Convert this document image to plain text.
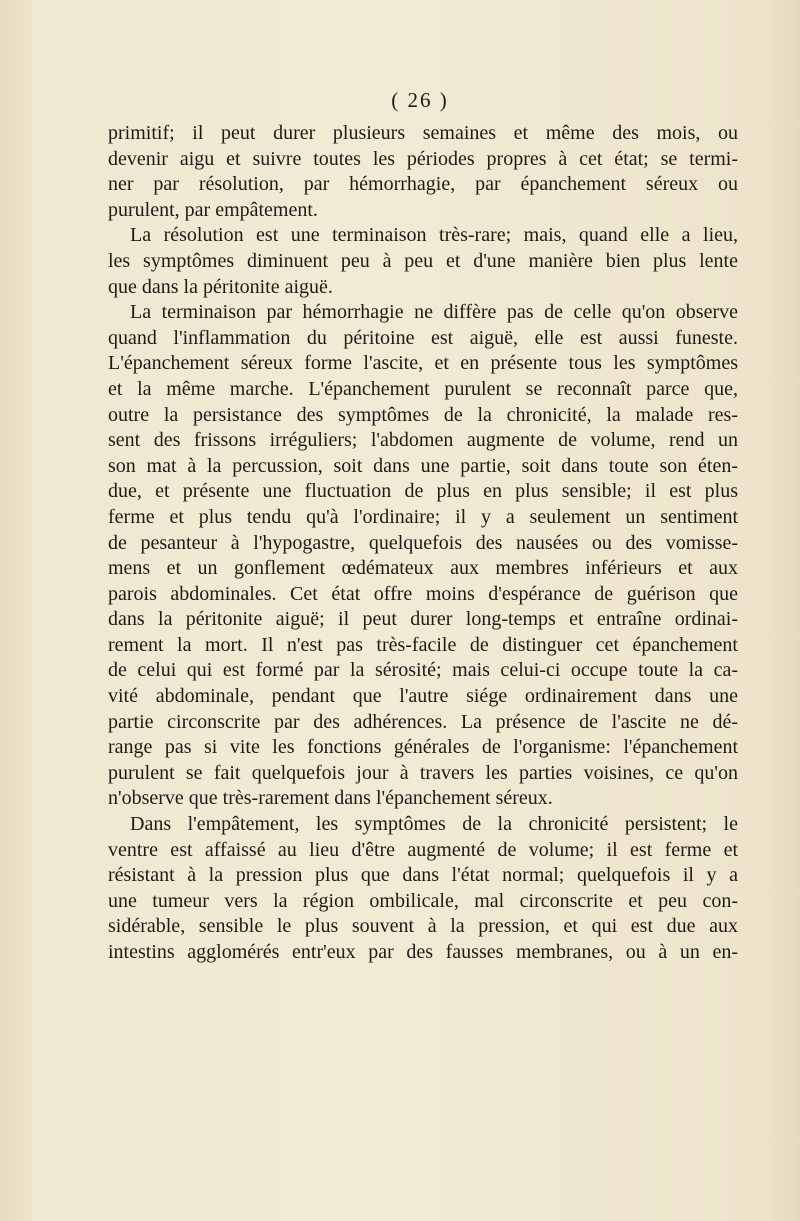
( 26 )

primitif; il peut durer plusieurs semaines et même des mois, ou
devenir aigu et suivre toutes les périodes propres à cet état; se termi-
ner par résolution, par hémorrhagie, par épanchement séreux ou
purulent, par empâtement.

La résolution est une terminaison très-rare; mais, quand elle a lieu,
les symptômes diminuent peu à peu et d'une manière bien plus lente
que dans la péritonite aiguë.

La terminaison par hémorrhagie ne diffère pas de celle qu'on observe
quand l'inflammation du péritoine est aiguë, elle est aussi funeste.
L'épanchement séreux forme l'ascite, et en présente tous les symptômes
et la même marche. L'épanchement purulent se reconnaît parce que,
outre la persistance des symptômes de la chronicité, la malade res-
sent des frissons irréguliers; l'abdomen augmente de volume, rend un
son mat à la percussion, soit dans une partie, soit dans toute son éten-
due, et présente une fluctuation de plus en plus sensible; il est plus
ferme et plus tendu qu'à l'ordinaire; il y a seulement un sentiment
de pesanteur à l'hypogastre, quelquefois des nausées ou des vomisse-
mens et un gonflement œdémateux aux membres inférieurs et aux
parois abdominales. Cet état offre moins d'espérance de guérison que
dans la péritonite aiguë; il peut durer long-temps et entraîne ordinai-
rement la mort. Il n'est pas très-facile de distinguer cet épanchement
de celui qui est formé par la sérosité; mais celui-ci occupe toute la ca-
vité abdominale, pendant que l'autre siége ordinairement dans une
partie circonscrite par des adhérences. La présence de l'ascite ne dé-
range pas si vite les fonctions générales de l'organisme: l'épanchement
purulent se fait quelquefois jour à travers les parties voisines, ce qu'on
n'observe que très-rarement dans l'épanchement séreux.

Dans l'empâtement, les symptômes de la chronicité persistent; le
ventre est affaissé au lieu d'être augmenté de volume; il est ferme et
résistant à la pression plus que dans l'état normal; quelquefois il y a
une tumeur vers la région ombilicale, mal circonscrite et peu con-
sidérable, sensible le plus souvent à la pression, et qui est due aux
intestins agglomérés entr'eux par des fausses membranes, ou à un en-
